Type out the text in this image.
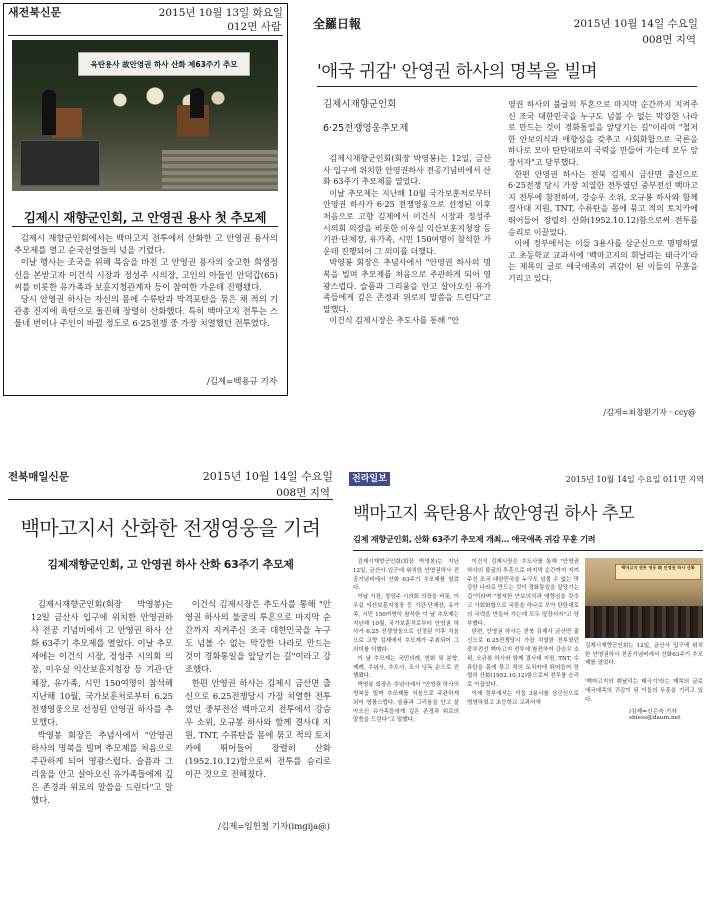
새전북신문	2015년 10월 13일 화요일
012면 사람
육탄용사 故안영권 하사 산화 제63주기 추모
김제시 재향군인회, 고 안영권 용사 첫 추모제

김제시 재향군인회에서는 백마고지 전투에서 산화한 고 안영권 용사의 추모제를 열고 순국선열들의 넋을 기렸다.

이날 행사는 조국을 위해 목숨을 바친 고 안영권 용사의 숭고한 희생정신을 본받고자 이건식 시장과 정성주 시의장, 고인의 아들인 안덕갑(65) 씨를 비롯한 유가족과 보훈지청관계자 등이 참여한 가운데 진행됐다.

당시 안영권 하사는 자신의 몸에 수류탄과 박격포탄을 묶은 채 적의 기관총 진지에 육탄으로 돌진해 장렬히 산화했다. 특히 백마고지 전투는 스물네 번이나 주인이 바뀔 정도로 6·25전쟁 중 가장 치열했던 전투였다.

/김제=백용규 기자
全羅日報	2015년 10월 14일 수요일
008면 지역
'애국 귀감' 안영권 하사의 명복을 빌며
김제시재향군인회
6·25전쟁영웅추모제

김제시재향군인회(회장 박영봉)는 12일, 금산사 입구에 위치한 안영권하사 전공기념비에서 산화 63주기 추모제를 열었다.

이날 추모제는 지난해 10월 국가보훈처로부터 안영권 하사가 6·25 전쟁영웅으로 선정된 이후 처음으로 고향 김제에서 이건식 시장과 정성주 시의회 의장을 비롯한 이우실 익산보훈지청장 등 기관·단체장, 유가족, 시민 150여명이 참석한 가운데 진행되어 그 의미를 더했다.

박영봉 회장은 추념사에서 "안영권 하사의 명복을 빌며 추모제를 처음으로 주관하게 되어 영광스럽다. 슬픔과 그리움을 안고 살아오신 유가족들에게 깊은 존경과 위로의 말씀을 드린다"고 말했다.

이건식 김제시장은 추도사를 통해 "안

영권 하사의 불굴의 투혼으로 마지막 순간까지 지켜주신 조국 대한민국을 누구도 넘볼 수 없는 막강한 나라로 만드는 것이 경화통일을 앞당기는 길"이라며 "철저한 안보의식과 애향심을 갖추고 사회화합으로 국론을 하나로 모아 탄탄대로의 국력을 만들어 가는데 모두 앞장서자"고 당부했다.

한편 안영권 하사는 전북 김제시 금산면 출신으로 6·25전쟁 당시 가장 치열한 전투였던 중부전선 백마고지 전투에 참전하여, 강승우 소위, 오규봉 하사와 함께 결사대 지원, TNT, 수류탄을 몸에 묶고 적의 토치카에 뛰어들어 장렬히 산화(1952.10.12)함으로써 전투를 승리로 이끌었다.

이에 정부에서는 이들 3용사를 삼군신으로 명명하였고 초등학교 교과서에 '백마고지의 휘날리는 태극기'라는 제목의 글로 애국애족의 귀감이 된 이들의 무훈을 기리고 있다.

/김제=최창환기자 · ccy@
전북매일신문	2015년 10월 14일 수요일
008면 지역
백마고지서 산화한 전쟁영웅을 기려
김제재향군인회, 고 안영권 하사 산화 63주기 추모제

김제시재향군인회(회장 박영봉)는 12일 금산사 입구에 위치한 안영권하사 전공 기념비에서 고 안영권 하사 산화 63주기 추모제를 열었다. 이날 추모제에는 이건식 시장, 정성주 시의회 의장, 이우실 익산보훈지청장 등 기관·단체장, 유가족, 시민 150여명이 참석해 지난해 10월, 국가보훈처로부터 6.25 전쟁영웅으로 선정된 안영권 하사를 추모했다.

박영봉 회장은 추념사에서 "안영권 하사의 명복을 빌며 추모제를 처음으로 주관하게 되어 영광스럽다. 슬픔과 그리움을 안고 살아오신 유가족들에게 깊은 존경과 위로의 말씀을 드린다"고 말했다.

이건식 김제시장은 추도사를 통해 "안영권 하사의 불굴의 투혼으로 마지막 순간까지 지켜주신 조국 대한민국을 누구도 넘볼 수 없는 막강한 나라로 만드는 것이 경화통일을 앞당기는 길"이라고 강조했다.

한편 안영권 하사는 김제시 금산면 출신으로 6.25전쟁당시 가장 치열한 전투였던 중부전선 백마고지 전투에서 강승우 소위, 오규봉 하사와 함께 결사대 지원, TNT, 수류탄을 몸에 묶고 적의 토치카에 뛰어들어 장렬히 산화(1952.10.12)함으로써 전투를 승리로 이끈 것으로 전해졌다.

/김제=임헌철 기자(imgija@)
전라일보	2015년 10월 14일 수요일 011면 지역
백마고지 육탄용사 故안영권 하사 추모
김제 재향군인회, 산화 63주기 추모제 개최… 애국애족 귀감 무훈 기려

김제시재향군인회(회장 박영봉)는 지난 12일, 금산사 입구에 위치한 안영권하사 전공기념비에서 산화 63주기 추모제를 열었다.

이날 시장, 정성주 시의회 의장을 비롯, 이우실 익산보훈지청장 등 기관·단체장, 유가족, 시민 150여명이 참석한 이 날 추모제는 지난해 10월, 국가보훈처로부터 안영권 하사가 6.25 전쟁영웅으로 선정된 이후 처음으로 고향 김제에서 추모제가 주최되어 그 의미를 더했다.

이 날 추모제는 국민의례, 헌화 및 분향, 제례, 추념사, 추도사, 조시 낭독 순으로 진행됐다.

박영봉 회장은 추념사에서 "안영권 하사의 명복을 빌며 추모제를 처음으로 주관하게 되어 영광스럽다. 슬픔과 그리움을 안고 살아오신 유가족들에게 깊은 존경과 위로의 말씀을 드린다"고 말했다.

이건식 김제시장은 추도사를 통해 "안영권 하사의 불굴의 투혼으로 마지막 순간까지 지켜주신 조국 대한민국을 누구도 넘볼 수 없는 막강한 나라로 만드는 것이 경화통일을 앞당기는 길"이라며 "철저한 안보의식과 애향심을 갖추고 사회화합으로 국론을 하나로 모아 탄탄대로의 국력을 만들어 가는데 모두 앞장서자"고 당부했다.

한편, 안영권 하사는 전북 김제시 금산면 출신으로 6.25전쟁당시 가장 치열한 전투였던 중부전선 백마고지 전투에 참전하여 강승우 소위, 오규봉 하사와 함께 결사대 지원, TNT, 수류탄을 몸에 묶고 적의 토치카에 뛰어들어 장렬히 산화(1952.10.12)함으로써 전투를 승리로 이끌었다.

이에 정부에서는 이들 3용사를 삼군신으로 명명하였고 초등학교 교과서에

백마고지 전투 영웅 故 안영권 하사 산화
김제시재향군인회는 12일, 금산사 입구에 위치한 안영권하사 전공기념비에서 산화63주기 추모제를 열었다.
'백마고지의 휘날리는 태극기'라는 제목의 글로 애국애족의 귀감이 된 이들의 무훈을 기리고 있다.
/김제=신은숙 기자
shiess@daum.net
